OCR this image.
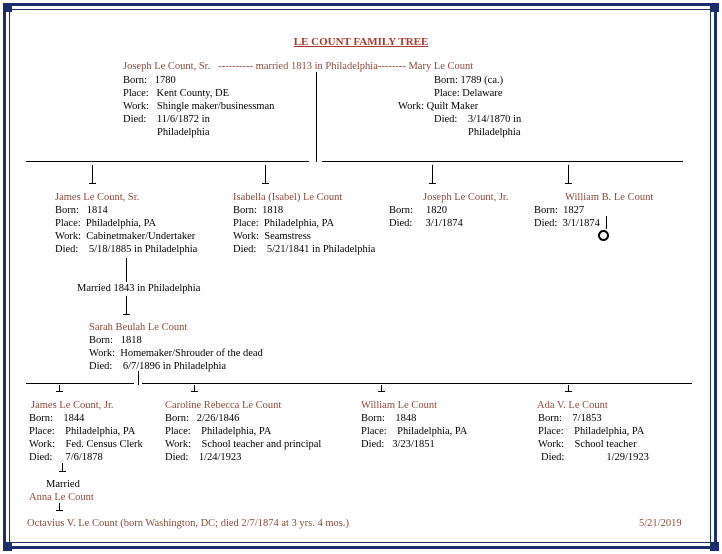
LE COUNT FAMILY TREE
Joseph Le Count, Sr.   ---------- married 1813 in Philadelphia-------- Mary Le Count
Born:   1780
Place:   Kent County, DE
Work:   Shingle maker/businessman
Died:    11/6/1872 in
Philadelphia
Born: 1789 (ca.)
Place: Delaware
Work: Quilt Maker
Died:    3/14/1870 in
Philadelphia
James Le Count, Sr.
Born:   1814
Place:  Philadelphia, PA
Work:  Cabinetmaker/Undertaker
Died:    5/18/1885 in Philadelphia
Isabella (Isabel) Le Count
Born:  1818
Place:  Philadelphia, PA
Work:  Seamstress
Died:    5/21/1841 in Philadelphia
Joseph Le Count, Jr.
Born:     1820
Died:     3/1/1874
William B. Le Count
Born:  1827
Died:  3/1/1874
Married 1843 in Philadelphia
Sarah Beulah Le Count
Born:   1818
Work:  Homemaker/Shrouder of the dead
Died:    6/7/1896 in Philadelphia
James Le Count, Jr.
Born:    1844
Place:    Philadelphia, PA
Work:    Fed. Census Clerk
Died:     7/6/1878
Caroline Rebecca Le Count
Born:   2/26/1846
Place:    Philadelphia, PA
Work:    School teacher and principal
Died:    1/24/1923
William Le Count
Born:    1848
Place:    Philadelphia, PA
Died:   3/23/1851
Ada V. Le Count
Born:    7/1853
Place:    Philadelphia, PA
Work:    School teacher
Died:                1/29/1923
Married
Anna Le Count
Octavius V. Le Count (born Washington, DC; died 2/7/1874 at 3 yrs. 4 mos.)	5/21/2019
